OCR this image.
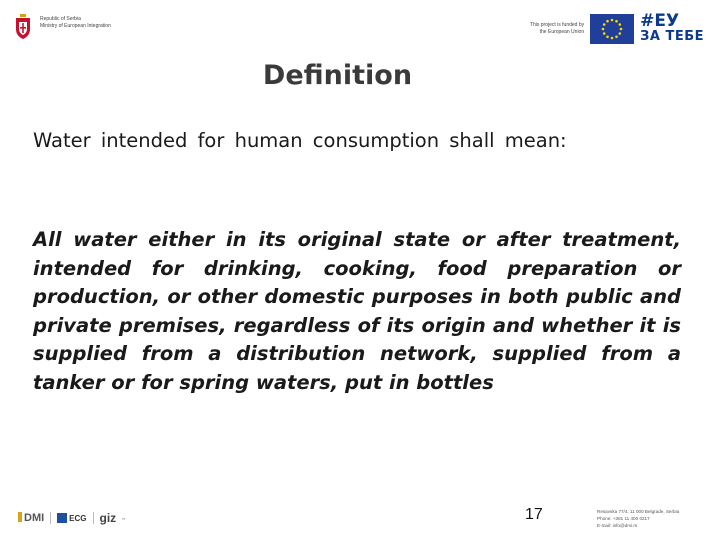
Republic of Serbia
Ministry of European Integration	This project is funded by
the European Union
#ЕУ
ЗА ТЕБЕ
Definition
Water intended for human consumption shall mean:
All water either in its original state or after treatment, intended for drinking, cooking, food preparation or production, or other domestic purposes in both public and private premises, regardless of its origin and whether it is supplied from a distribution network, supplied from a tanker or for spring waters, put in bottles
DMI	ECG giz ▪▪	17	Resavska 77/4, 11 000 Belgrade, Serbia
Phone: +381 11 400 0217
E-mail: info@dmi.rs
